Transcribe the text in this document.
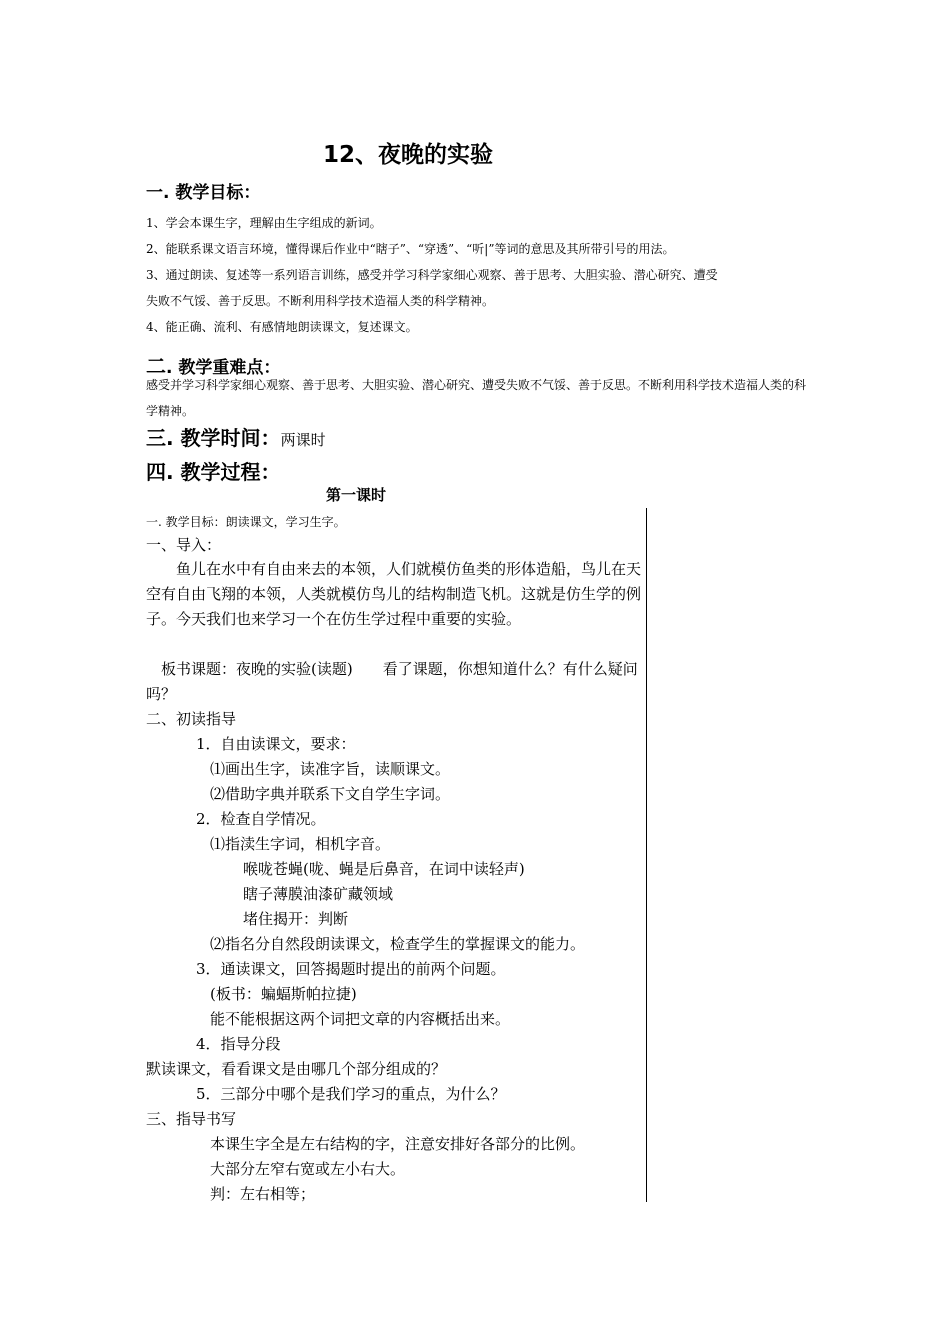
12、夜晚的实验
一. 教学目标：
1、学会本课生字，理解由生字组成的新词。
2、能联系课文语言环境，懂得课后作业中“瞎子”、“穿透”、“听|”等词的意思及其所带引号的用法。
3、通过朗读、复述等一系列语言训练，感受并学习科学家细心观察、善于思考、大胆实验、潜心研究、遭受
失败不气馁、善于反思。不断利用科学技术造福人类的科学精神。
4、能正确、流利、有感情地朗读课文，复述课文。
二. 教学重难点：
感受并学习科学家细心观察、善于思考、大胆实验、潜心研究、遭受失败不气馁、善于反思。不断利用科学技术造福人类的科学精神。
三. 教学时间：两课时
四. 教学过程：
第一课时
一. 教学目标：朗读课文，学习生字。
一、导入：
鱼儿在水中有自由来去的本领，人们就模仿鱼类的形体造船，鸟儿在天空有自由飞翔的本领，人类就模仿鸟儿的结构制造飞机。这就是仿生学的例子。今天我们也来学习一个在仿生学过程中重要的实验。
板书课题：夜晚的实验(读题)　　看了课题，你想知道什么？有什么疑问吗？
二、初读指导
1．自由读课文，要求：
⑴画出生字，读准字旨，读顺课文。
⑵借助字典并联系下文自学生字词。
2．检查自学情况。
⑴指渎生字词，相机字音。
喉咙苍蝇(咙、蝇是后鼻音，在词中读轻声)
瞎子薄膜油漆矿藏领域
堵住揭开：判断
⑵指名分自然段朗读课文，检查学生的掌握课文的能力。
3．通读课文，回答揭题时提出的前两个问题。
(板书：蝙蝠斯帕拉捷)
能不能根据这两个词把文章的内容概括出来。
4．指导分段
默读课文，看看课文是由哪几个部分组成的？
5．三部分中哪个是我们学习的重点，为什么？
三、指导书写
本课生字全是左右结构的字，注意安排好各部分的比例。
大部分左窄右宽或左小右大。
判：左右相等；
